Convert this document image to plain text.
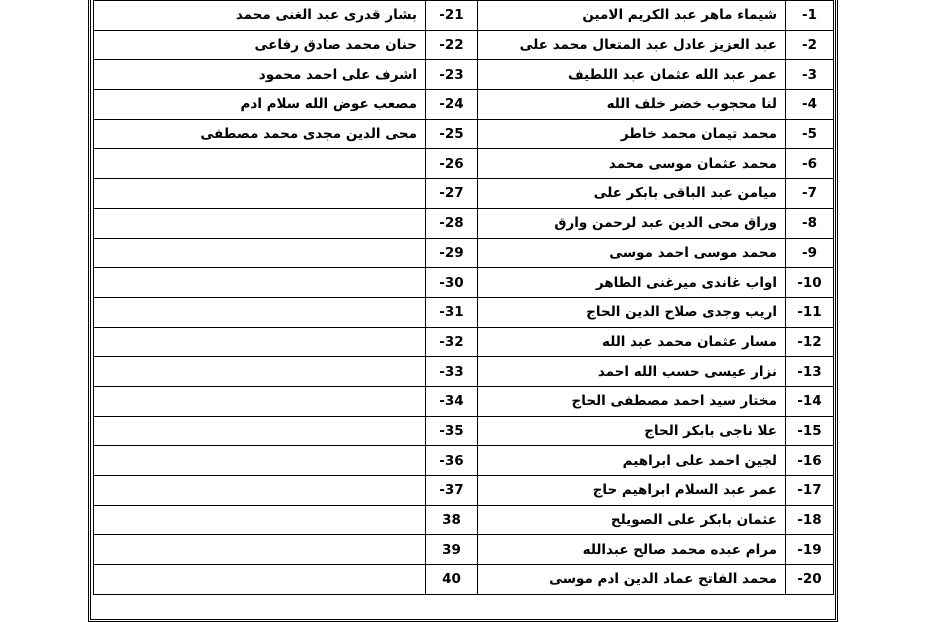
-1	شيماء ماهر عبد الكريم الامين	-21	بشار قدرى عبد الغنى محمد
-2	عبد العزيز عادل عبد المتعال محمد على	-22	حنان محمد صادق رفاعى
-3	عمر عبد الله عثمان عبد اللطيف	-23	اشرف على احمد محمود
-4	لنا محجوب خضر خلف الله	-24	مصعب عوض الله سلام ادم
-5	محمد تيمان محمد خاطر	-25	محى الدين مجدى محمد مصطفى
-6	محمد عثمان موسى محمد	-26	
-7	ميامن عبد الباقى بابكر على	-27	
-8	وراق محى الدين عبد لرحمن وارق	-28	
-9	محمد موسى احمد موسى	-29	
-10	اواب غاندى ميرغنى الطاهر	-30	
-11	اريب وجدى صلاح الدين الحاج	-31	
-12	مسار عثمان محمد عبد الله	-32	
-13	نزار عيسى حسب الله احمد	-33	
-14	مختار سيد احمد مصطفى الحاج	-34	
-15	علا ناجى بابكر الحاج	-35	
-16	لجين احمد على ابراهيم	-36	
-17	عمر عبد السلام ابراهيم حاج	-37	
-18	عثمان بابكر على الصويلح	38	
-19	مرام عبده محمد صالح عبدالله	39	
-20	محمد الفاتح عماد الدين ادم موسى	40	
